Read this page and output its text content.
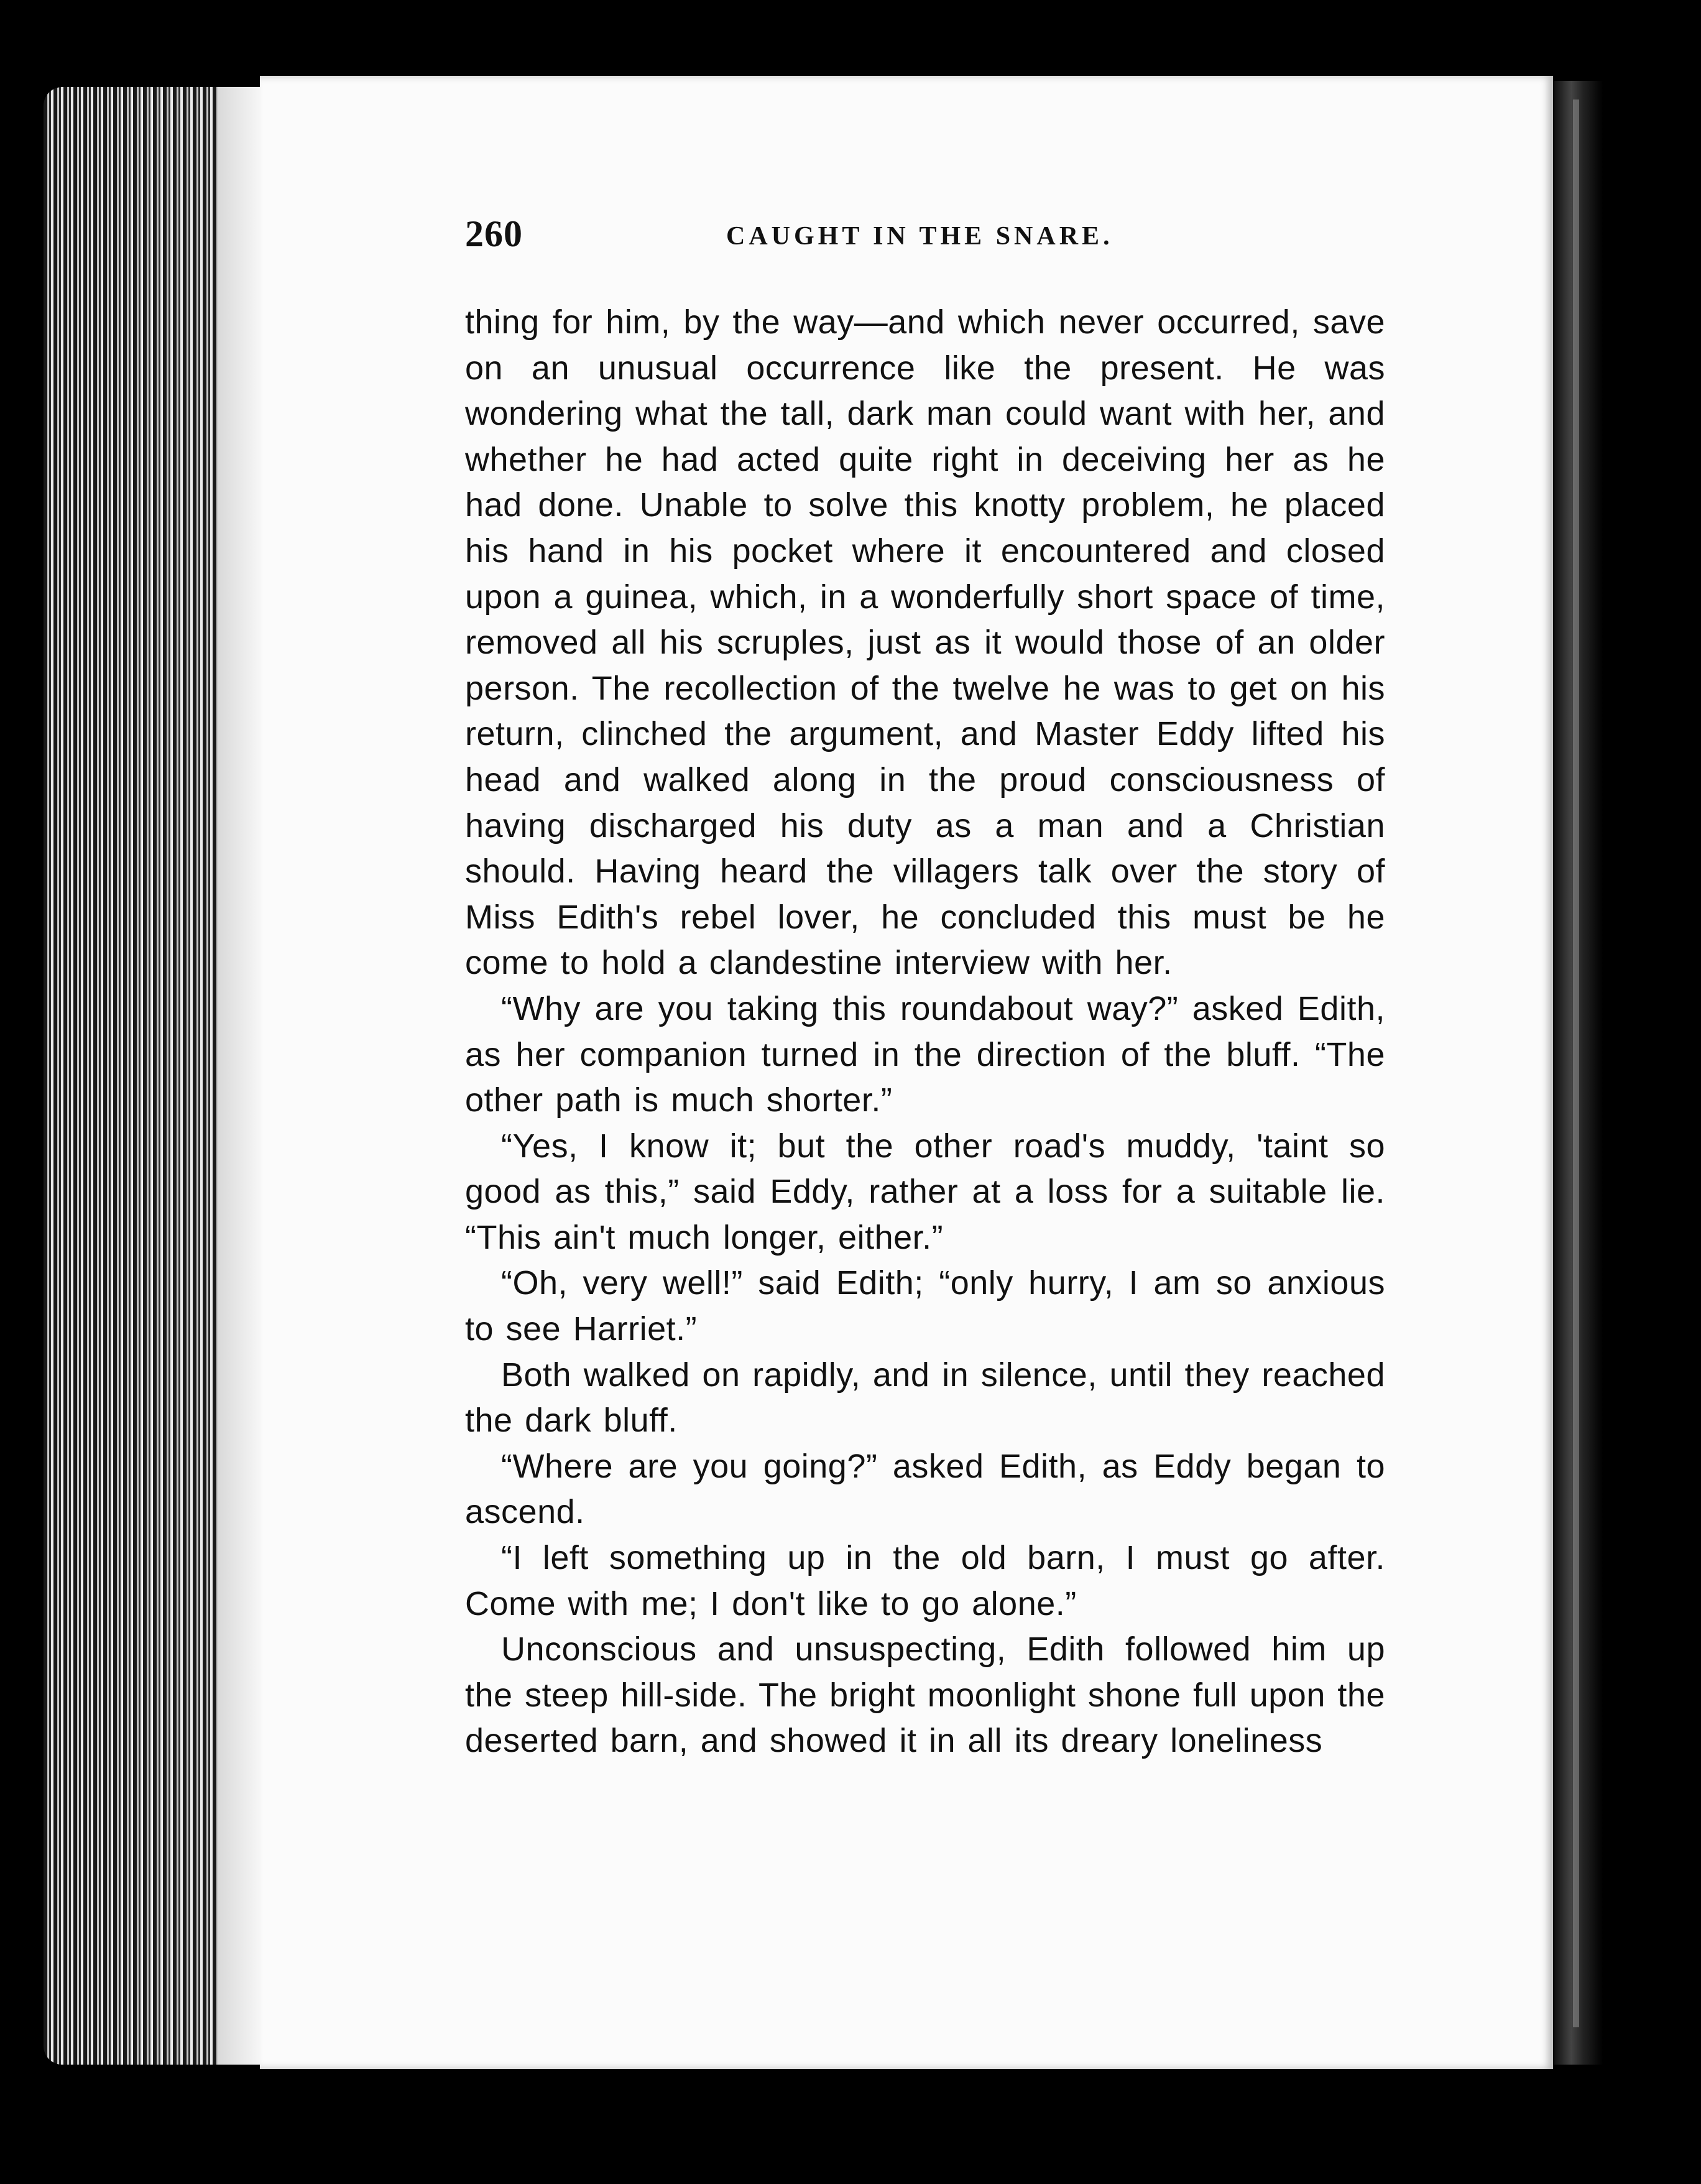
260	CAUGHT IN THE SNARE.

thing for him, by the way—and which never occurred, save on an unusual occurrence like the present. He was wondering what the tall, dark man could want with her, and whether he had acted quite right in deceiving her as he had done. Unable to solve this knotty problem, he placed his hand in his pocket where it encountered and closed upon a guinea, which, in a wonderfully short space of time, removed all his scruples, just as it would those of an older person. The recollection of the twelve he was to get on his return, clinched the argument, and Master Eddy lifted his head and walked along in the proud consciousness of having discharged his duty as a man and a Christian should. Having heard the villagers talk over the story of Miss Edith's rebel lover, he concluded this must be he come to hold a clandestine interview with her.

“Why are you taking this roundabout way?” asked Edith, as her companion turned in the direction of the bluff. “The other path is much shorter.”

“Yes, I know it; but the other road's muddy, 'taint so good as this,” said Eddy, rather at a loss for a suitable lie. “This ain't much longer, either.”

“Oh, very well!” said Edith; “only hurry, I am so anxious to see Harriet.”

Both walked on rapidly, and in silence, until they reached the dark bluff.

“Where are you going?” asked Edith, as Eddy began to ascend.

“I left something up in the old barn, I must go after. Come with me; I don't like to go alone.”

Unconscious and unsuspecting, Edith followed him up the steep hill-side. The bright moonlight shone full upon the deserted barn, and showed it in all its dreary loneliness
